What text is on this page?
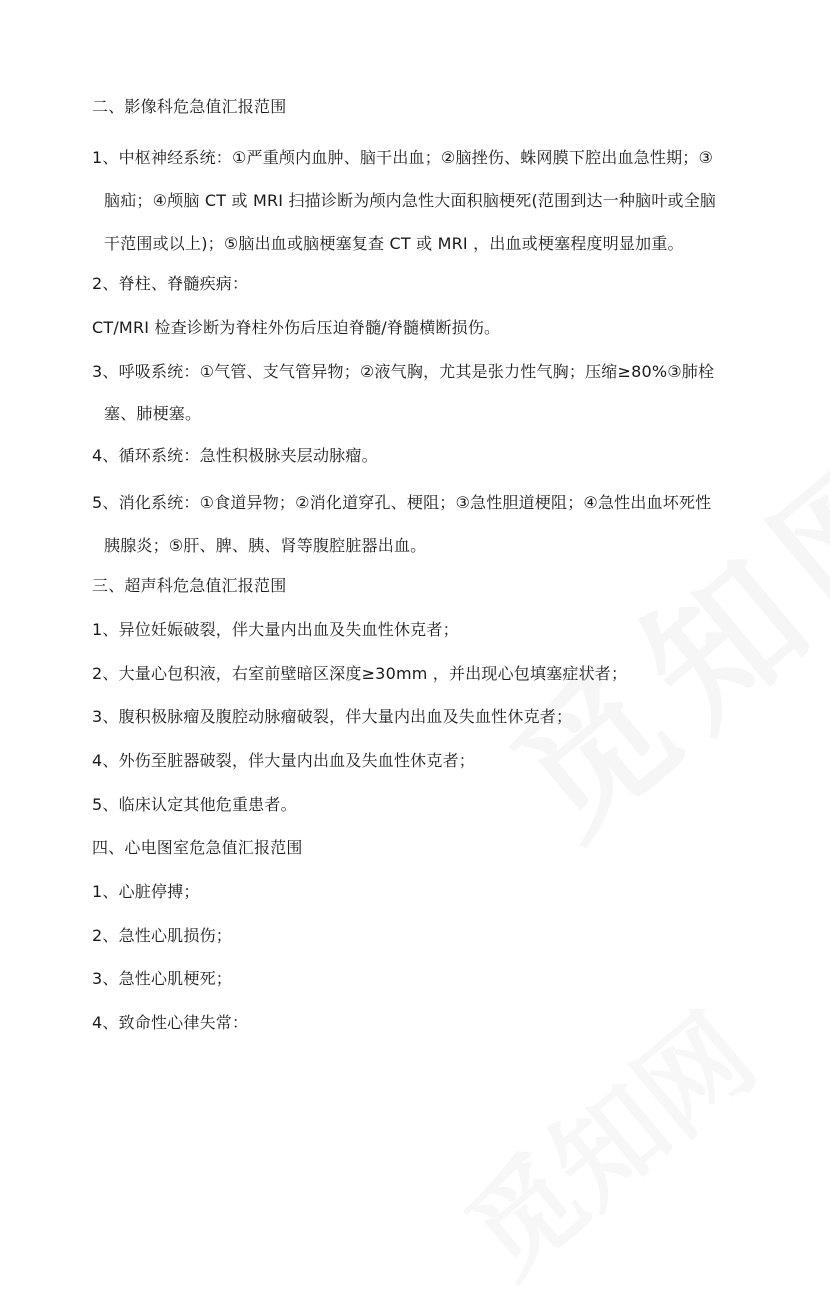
二、影像科危急值汇报范围
1、中枢神经系统：①严重颅内血肿、脑干出血；②脑挫伤、蛛网膜下腔出血急性期；③
脑疝；④颅脑 CT 或 MRI 扫描诊断为颅内急性大面积脑梗死(范围到达一种脑叶或全脑
干范围或以上)；⑤脑出血或脑梗塞复查 CT 或 MRI ，出血或梗塞程度明显加重。
2、脊柱、脊髓疾病：
CT/MRI 检查诊断为脊柱外伤后压迫脊髓/脊髓横断损伤。
3、呼吸系统：①气管、支气管异物；②液气胸，尤其是张力性气胸；压缩≥80%③肺栓
塞、肺梗塞。
4、循环系统：急性积极脉夹层动脉瘤。
5、消化系统：①食道异物；②消化道穿孔、梗阻；③急性胆道梗阻；④急性出血坏死性
胰腺炎；⑤肝、脾、胰、肾等腹腔脏器出血。
三、超声科危急值汇报范围
1、异位妊娠破裂，伴大量内出血及失血性休克者；
2、大量心包积液，右室前壁暗区深度≥30mm ，并出现心包填塞症状者；
3、腹积极脉瘤及腹腔动脉瘤破裂，伴大量内出血及失血性休克者；
4、外伤至脏器破裂，伴大量内出血及失血性休克者；
5、临床认定其他危重患者。
四、心电图室危急值汇报范围
1、心脏停搏；
2、急性心肌损伤；
3、急性心肌梗死；
4、致命性心律失常：
